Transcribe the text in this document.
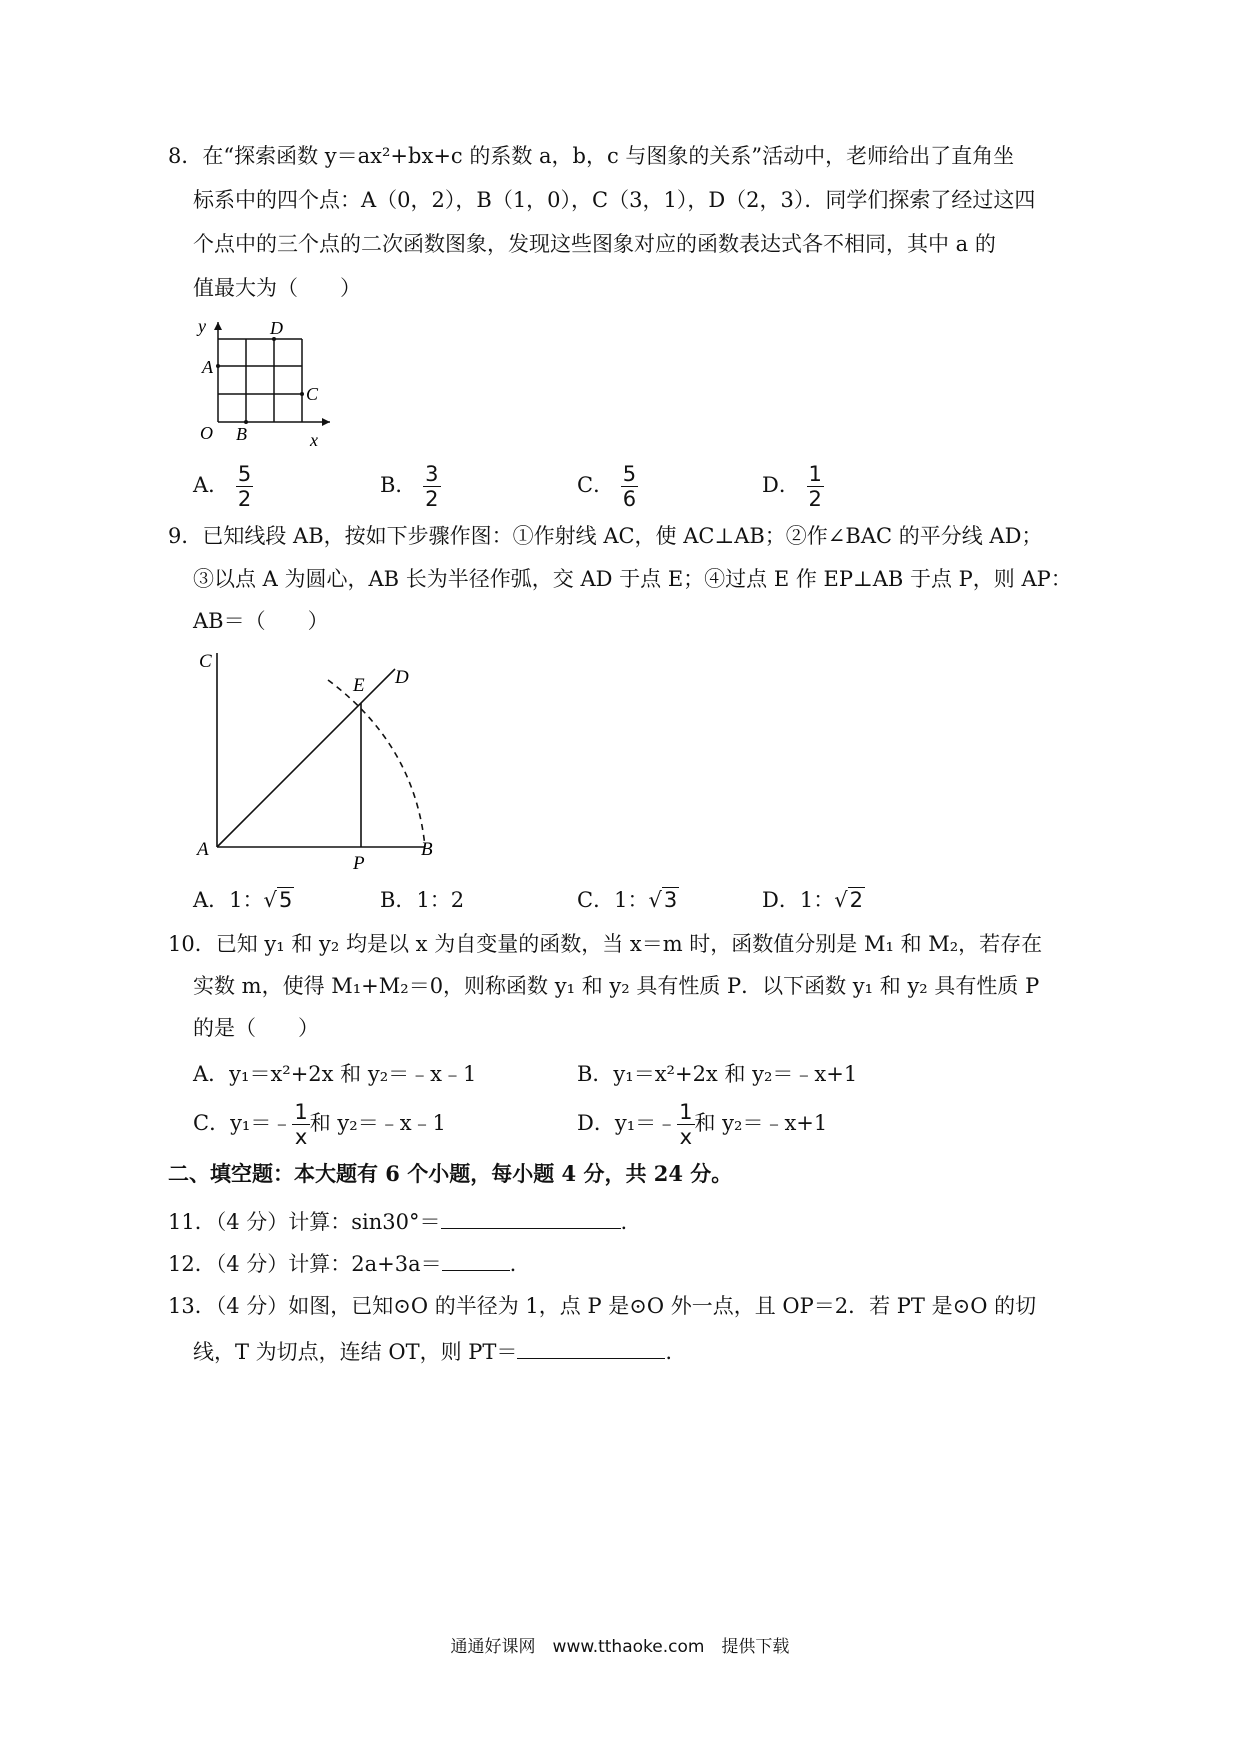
8．在“探索函数 y＝ax²+bx+c 的系数 a，b，c 与图象的关系”活动中，老师给出了直角坐
标系中的四个点：A（0，2），B（1，0），C（3，1），D（2，3）．同学们探索了经过这四
个点中的三个点的二次函数图象，发现这些图象对应的函数表达式各不相同，其中 a 的
值最大为（　　）
y	D
A
C
O B	x
A． $\frac{5}{2}$	B． $\frac{3}{2}$	C． $\frac{5}{6}$	D． $\frac{1}{2}$
9．已知线段 AB，按如下步骤作图：①作射线 AC，使 AC⊥AB；②作∠BAC 的平分线 AD；
③以点 A 为圆心，AB 长为半径作弧，交 AD 于点 E；④过点 E 作 EP⊥AB 于点 P，则 AP：
AB＝（　　）
C
E D
A
P
B
A．1：√5	B．1：2	C．1：√3	D．1：√2
10．已知 y₁ 和 y₂ 均是以 x 为自变量的函数，当 x＝m 时，函数值分别是 M₁ 和 M₂，若存在
实数 m，使得 M₁+M₂＝0，则称函数 y₁ 和 y₂ 具有性质 P．以下函数 y₁ 和 y₂ 具有性质 P
的是（　　）
A．y₁＝x²+2x 和 y₂＝﹣x﹣1	B．y₁＝x²+2x 和 y₂＝﹣x+1
C．y₁＝﹣ $\frac{1}{x}$ 和 y₂＝﹣x﹣1	D．y₁＝﹣ $\frac{1}{x}$ 和 y₂＝﹣x+1
二、填空题：本大题有 6 个小题，每小题 4 分，共 24 分。
11．（4 分）计算：sin30°＝	.
12．（4 分）计算：2a+3a＝	.
13．（4 分）如图，已知⊙O 的半径为 1，点 P 是⊙O 外一点，且 OP＝2．若 PT 是⊙O 的切
线，T 为切点，连结 OT，则 PT＝	.
通通好课网　www.tthaoke.com　提供下载
